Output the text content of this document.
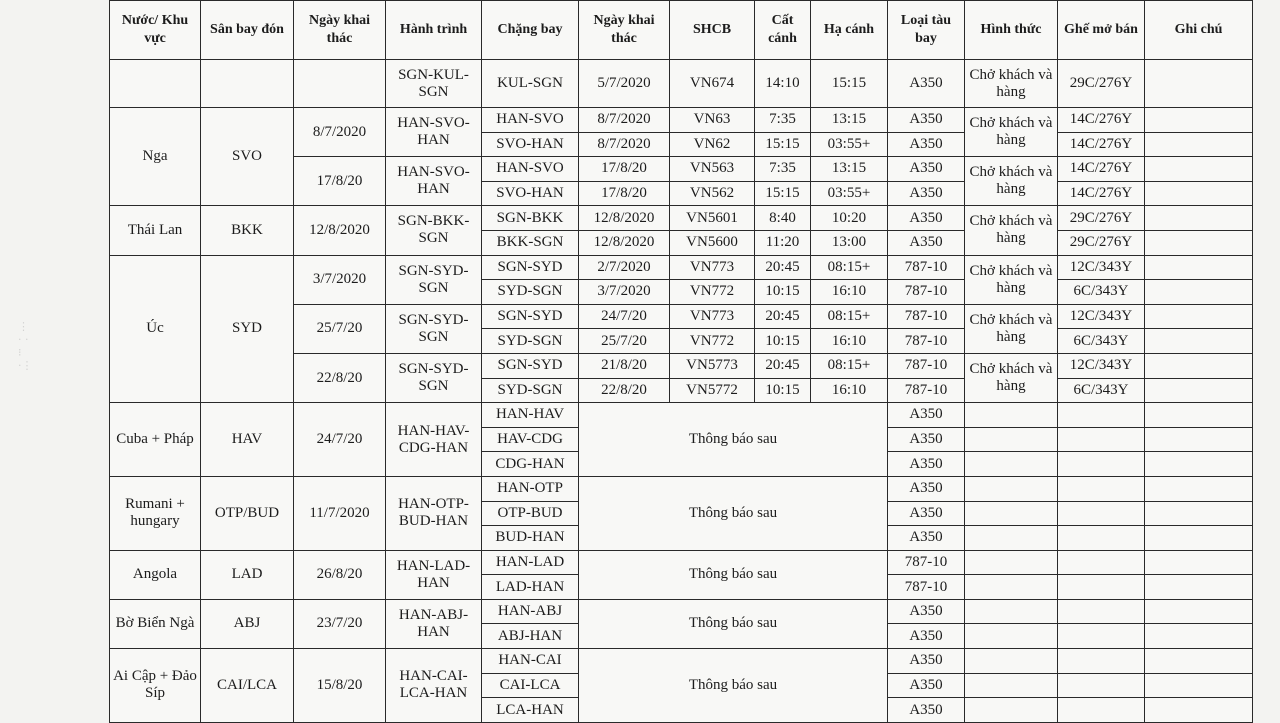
⋮
· ·
⁝
·⋮
Nước/ Khu vực	Sân bay đón	Ngày khai thác	Hành trình	Chặng bay	Ngày khai thác	SHCB	Cất cánh	Hạ cánh	Loại tàu bay	Hình thức	Ghế mở bán	Ghi chú
			SGN-KUL-SGN	KUL-SGN	5/7/2020	VN674	14:10	15:15	A350	Chở khách và hàng	29C/276Y	
Nga	SVO	8/7/2020	HAN-SVO-HAN	HAN-SVO	8/7/2020	VN63	7:35	13:15	A350	Chở khách và hàng	14C/276Y	
				SVO-HAN	8/7/2020	VN62	15:15	03:55+	A350		14C/276Y	
		17/8/20	HAN-SVO-HAN	HAN-SVO	17/8/20	VN563	7:35	13:15	A350	Chở khách và hàng	14C/276Y	
				SVO-HAN	17/8/20	VN562	15:15	03:55+	A350		14C/276Y	
Thái Lan	BKK	12/8/2020	SGN-BKK-SGN	SGN-BKK	12/8/2020	VN5601	8:40	10:20	A350	Chở khách và hàng	29C/276Y	
				BKK-SGN	12/8/2020	VN5600	11:20	13:00	A350		29C/276Y	
Úc	SYD	3/7/2020	SGN-SYD-SGN	SGN-SYD	2/7/2020	VN773	20:45	08:15+	787-10	Chở khách và hàng	12C/343Y	
				SYD-SGN	3/7/2020	VN772	10:15	16:10	787-10		6C/343Y	
		25/7/20	SGN-SYD-SGN	SGN-SYD	24/7/20	VN773	20:45	08:15+	787-10	Chở khách và hàng	12C/343Y	
				SYD-SGN	25/7/20	VN772	10:15	16:10	787-10		6C/343Y	
		22/8/20	SGN-SYD-SGN	SGN-SYD	21/8/20	VN5773	20:45	08:15+	787-10	Chở khách và hàng	12C/343Y	
				SYD-SGN	22/8/20	VN5772	10:15	16:10	787-10		6C/343Y	
Cuba + Pháp	HAV	24/7/20	HAN-HAV-CDG-HAN	HAN-HAV	Thông báo sau				A350			
				HAV-CDG					A350			
				CDG-HAN					A350			
Rumani + hungary	OTP/BUD	11/7/2020	HAN-OTP-BUD-HAN	HAN-OTP	Thông báo sau				A350			
				OTP-BUD					A350			
				BUD-HAN					A350			
Angola	LAD	26/8/20	HAN-LAD-HAN	HAN-LAD	Thông báo sau				787-10			
				LAD-HAN					787-10			
Bờ Biển Ngà	ABJ	23/7/20	HAN-ABJ-HAN	HAN-ABJ	Thông báo sau				A350			
				ABJ-HAN					A350			
Ai Cập + Đảo Síp	CAI/LCA	15/8/20	HAN-CAI-LCA-HAN	HAN-CAI	Thông báo sau				A350			
				CAI-LCA					A350			
				LCA-HAN					A350			
